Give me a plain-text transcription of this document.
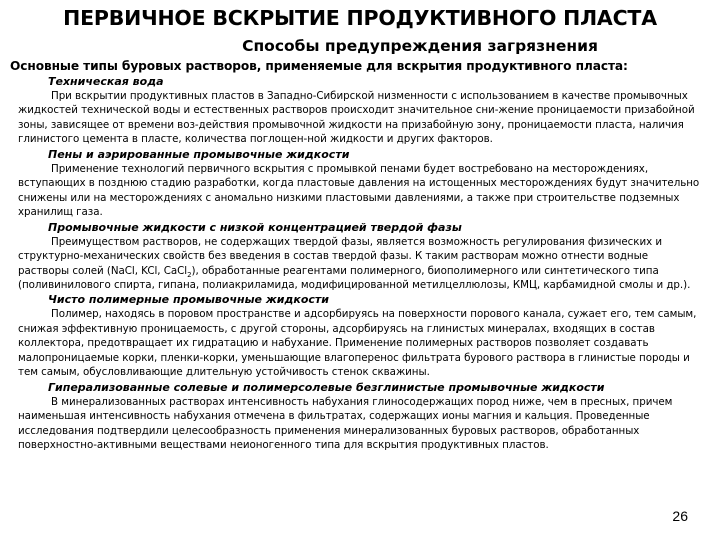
ПЕРВИЧНОЕ ВСКРЫТИЕ ПРОДУКТИВНОГО ПЛАСТА
Способы предупреждения загрязнения
Основные типы буровых растворов, применяемые для вскрытия продуктивного пласта:
Техническая вода

При вскрытии продуктивных пластов в Западно-Сибирской низменности с использованием в качестве промывочных жидкостей технической воды и естественных растворов происходит значительное сни-жение проницаемости призабойной зоны, зависящее от времени воз-действия промывочной жидкости на призабойную зону, проницаемости пласта, наличия глинистого цемента в пласте, количества поглощен-ной жидкости и других факторов.

Пены и аэрированные промывочные жидкости

Применение технологий первичного вскрытия с промывкой пенами будет востребовано на месторождениях, вступающих в позднюю стадию разработки, когда пластовые давления на истощенных месторождениях будут значительно снижены или на месторождениях с аномально низкими пластовыми давлениями, а также при строительстве подземных хранилищ газа.

Промывочные жидкости с низкой концентрацией твердой фазы

Преимуществом растворов, не содержащих твердой фазы, является возможность регулирования физических и структурно-механических свойств без введения в состав твердой фазы. К таким растворам можно отнести водные растворы солей (NaCl, KCl, CaCl$_2$), обработанные реагентами полимерного, биополимерного или синтетического типа (поливинилового спирта, гипана, полиакриламида, модифицированной метилцеллюлозы, КМЦ, карбамидной смолы и др.).

Чисто полимерные промывочные жидкости

Полимер, находясь в поровом пространстве и адсорбируясь на поверхности порового канала, сужает его, тем самым, снижая эффективную проницаемость, с другой стороны, адсорбируясь на глинистых минералах, входящих в состав коллектора, предотвращает их гидратацию и набухание. Применение полимерных растворов позволяет создавать малопроницаемые корки, пленки-корки, уменьшающие влагоперенос фильтрата бурового раствора в глинистые породы и тем самым, обусловливающие длительную устойчивость стенок скважины.

Гиперализованные солевые и полимерсолевые безглинистые промывочные жидкости

В минерализованных растворах интенсивность набухания глиносодержащих пород ниже, чем в пресных, причем наименьшая интенсивность набухания отмечена в фильтратах, содержащих ионы магния и кальция. Проведенные исследования подтвердили целесообразность применения минерализованных буровых растворов, обработанных поверхностно-активными веществами неионогенного типа для вскрытия продуктивных пластов.

26
